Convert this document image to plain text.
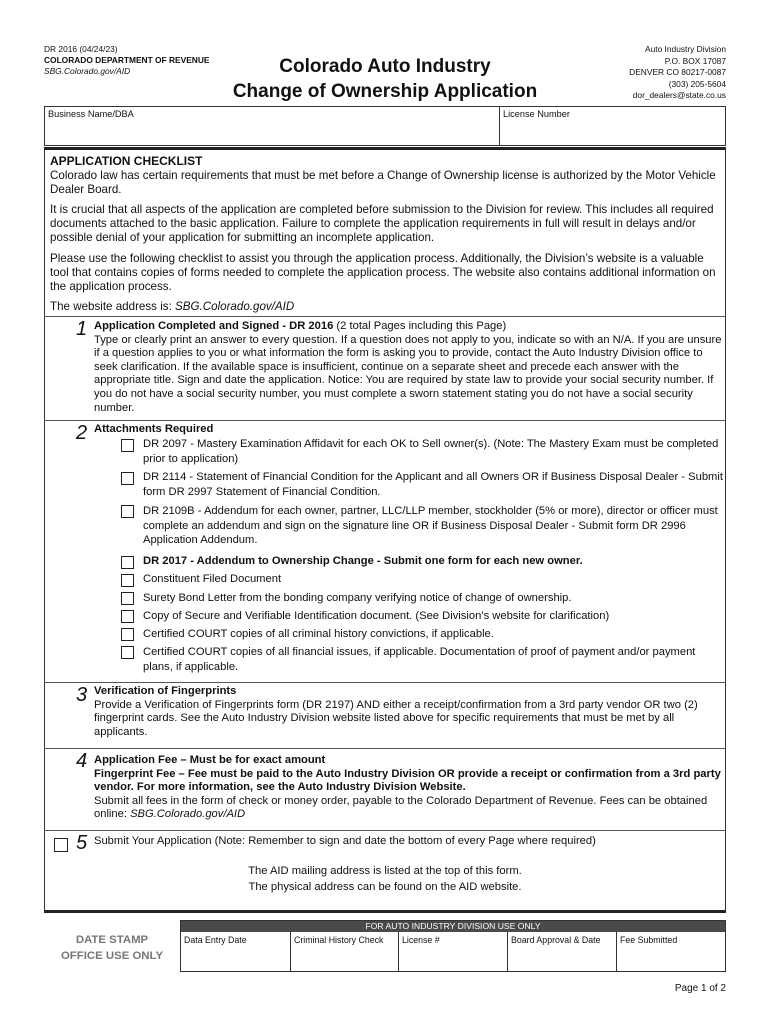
DR 2016 (04/24/23)
COLORADO DEPARTMENT OF REVENUE
SBG.Colorado.gov/AID	Colorado Auto Industry
Change of Ownership Application
Auto Industry Division
P.O. BOX 17087
DENVER CO 80217-0087
(303) 205-5604
dor_dealers@state.co.us
Business Name/DBA	License Number
APPLICATION CHECKLIST
Colorado law has certain requirements that must be met before a Change of Ownership license is authorized by the Motor Vehicle Dealer Board.
It is crucial that all aspects of the application are completed before submission to the Division for review. This includes all required documents attached to the basic application. Failure to complete the application requirements in full will result in delays and/or possible denial of your application for submitting an incomplete application.
Please use the following checklist to assist you through the application process. Additionally, the Division’s website is a valuable tool that contains copies of forms needed to complete the application process. The website also contains additional information on the application process.
The website address is: SBG.Colorado.gov/AID
1 Application Completed and Signed - DR 2016 (2 total Pages including this Page)
Type or clearly print an answer to every question. If a question does not apply to you, indicate so with an N/A. If you are unsure if a question applies to you or what information the form is asking you to provide, contact the Auto Industry Division office to seek clarification. If the available space is insufficient, continue on a separate sheet and precede each answer with the appropriate title. Sign and date the application. Notice: You are required by state law to provide your social security number. If you do not have a social security number, you must complete a sworn statement stating you do not have a social security number.
2 Attachments Required
DR 2097 - Mastery Examination Affidavit for each OK to Sell owner(s). (Note: The Mastery Exam must be completed prior to application)
DR 2114 - Statement of Financial Condition for the Applicant and all Owners OR if Business Disposal Dealer - Submit form DR 2997 Statement of Financial Condition.
DR 2109B - Addendum for each owner, partner, LLC/LLP member, stockholder (5% or more), director or officer must complete an addendum and sign on the signature line OR if Business Disposal Dealer - Submit form DR 2996 Application Addendum.
DR 2017 - Addendum to Ownership Change - Submit one form for each new owner.
Constituent Filed Document
Surety Bond Letter from the bonding company verifying notice of change of ownership.
Copy of Secure and Verifiable Identification document. (See Division’s website for clarification)
Certified COURT copies of all criminal history convictions, if applicable.
Certified COURT copies of all financial issues, if applicable. Documentation of proof of payment and/or payment plans, if applicable.
3 Verification of Fingerprints
Provide a Verification of Fingerprints form (DR 2197) AND either a receipt/confirmation from a 3rd party vendor OR two (2) fingerprint cards. See the Auto Industry Division website listed above for specific requirements that must be met by all applicants.
4 Application Fee – Must be for exact amount
Fingerprint Fee – Fee must be paid to the Auto Industry Division OR provide a receipt or confirmation from a 3rd party vendor. For more information, see the Auto Industry Division Website.
Submit all fees in the form of check or money order, payable to the Colorado Department of Revenue. Fees can be obtained online: SBG.Colorado.gov/AID
5 Submit Your Application (Note: Remember to sign and date the bottom of every Page where required)
The AID mailing address is listed at the top of this form.
The physical address can be found on the AID website.
DATE STAMP
OFFICE USE ONLY
FOR AUTO INDUSTRY DIVISION USE ONLY
Data Entry Date	Criminal History Check	License #	Board Approval & Date	Fee Submitted
Page 1 of 2
